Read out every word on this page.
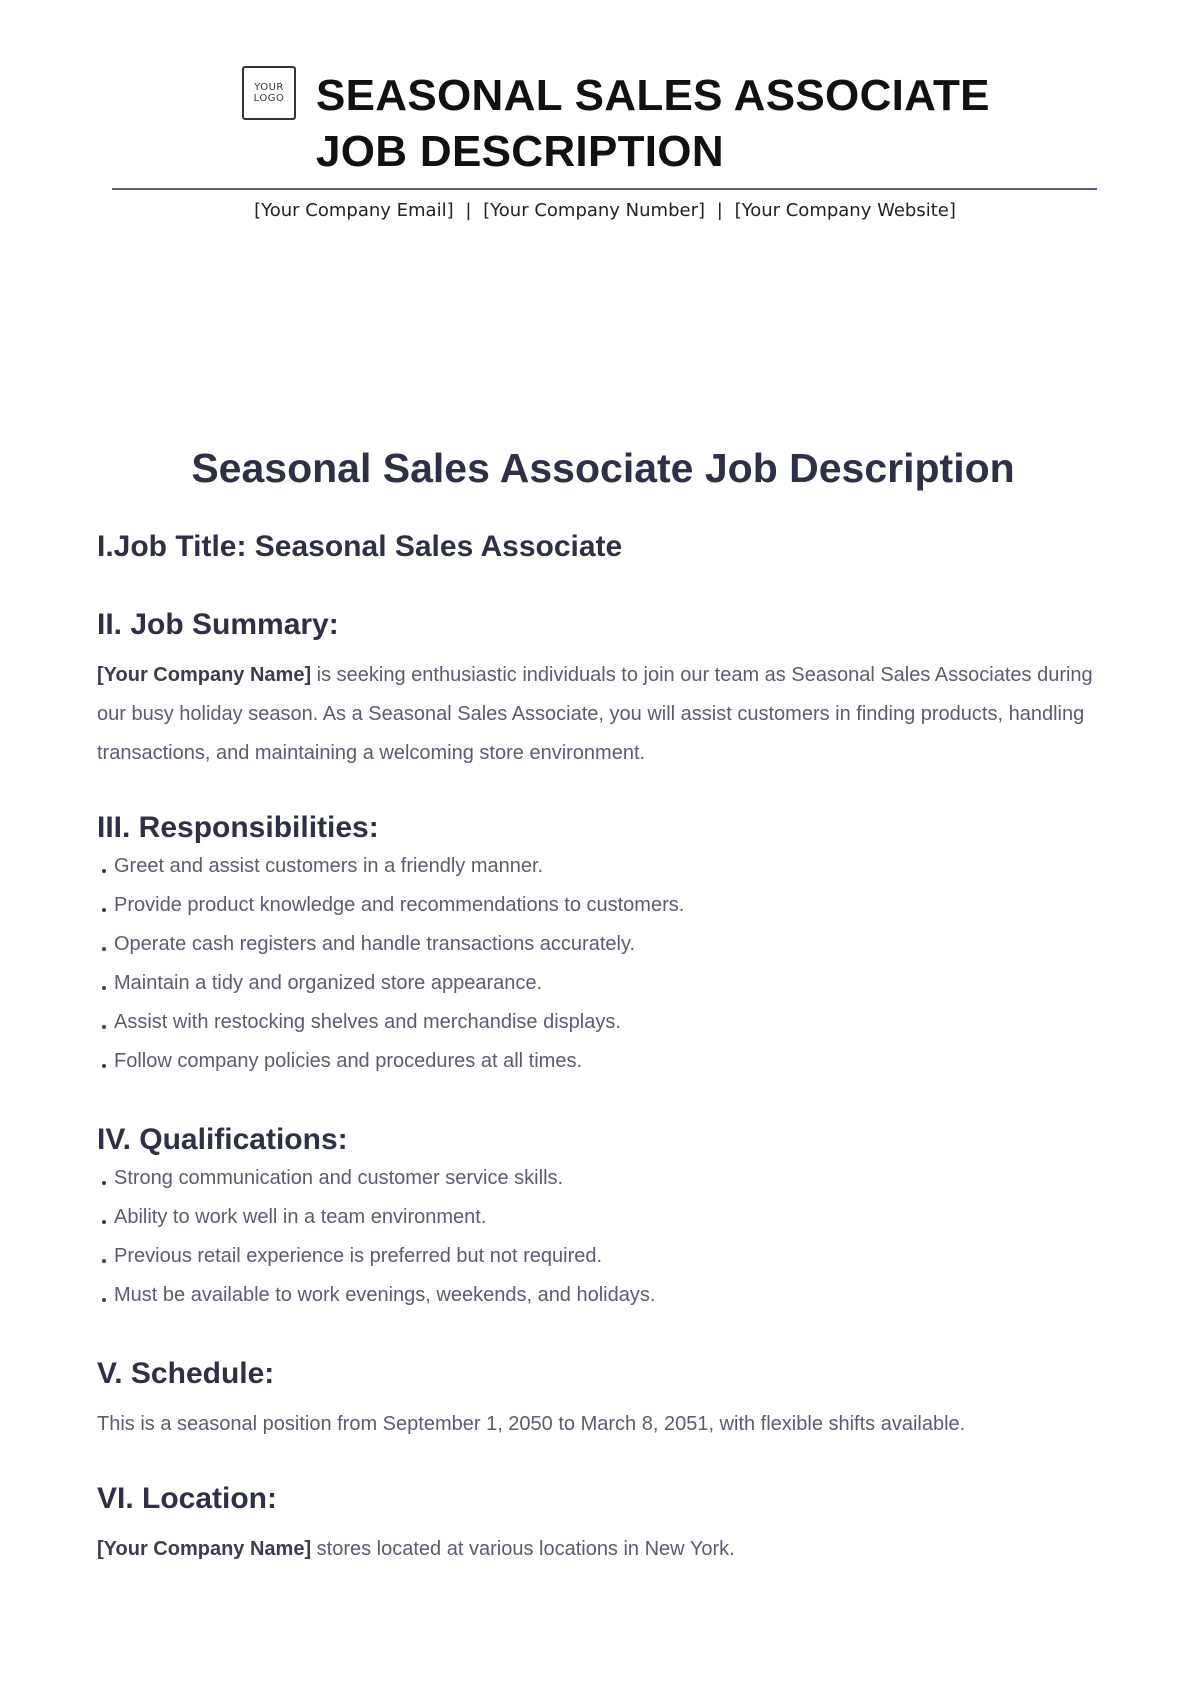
YOUR
LOGO SEASONAL SALES ASSOCIATE
JOB DESCRIPTION
[Your Company Email] | [Your Company Number] | [Your Company Website]
Seasonal Sales Associate Job Description
I.Job Title: Seasonal Sales Associate
II. Job Summary:

[Your Company Name] is seeking enthusiastic individuals to join our team as Seasonal Sales Associates during our busy holiday season. As a Seasonal Sales Associate, you will assist customers in finding products, handling transactions, and maintaining a welcoming store environment.

III. Responsibilities:
Greet and assist customers in a friendly manner.
Provide product knowledge and recommendations to customers.
Operate cash registers and handle transactions accurately.
Maintain a tidy and organized store appearance.
Assist with restocking shelves and merchandise displays.
Follow company policies and procedures at all times.
IV. Qualifications:
Strong communication and customer service skills.
Ability to work well in a team environment.
Previous retail experience is preferred but not required.
Must be available to work evenings, weekends, and holidays.
V. Schedule:

This is a seasonal position from September 1, 2050 to March 8, 2051, with flexible shifts available.

VI. Location:

[Your Company Name] stores located at various locations in New York.
